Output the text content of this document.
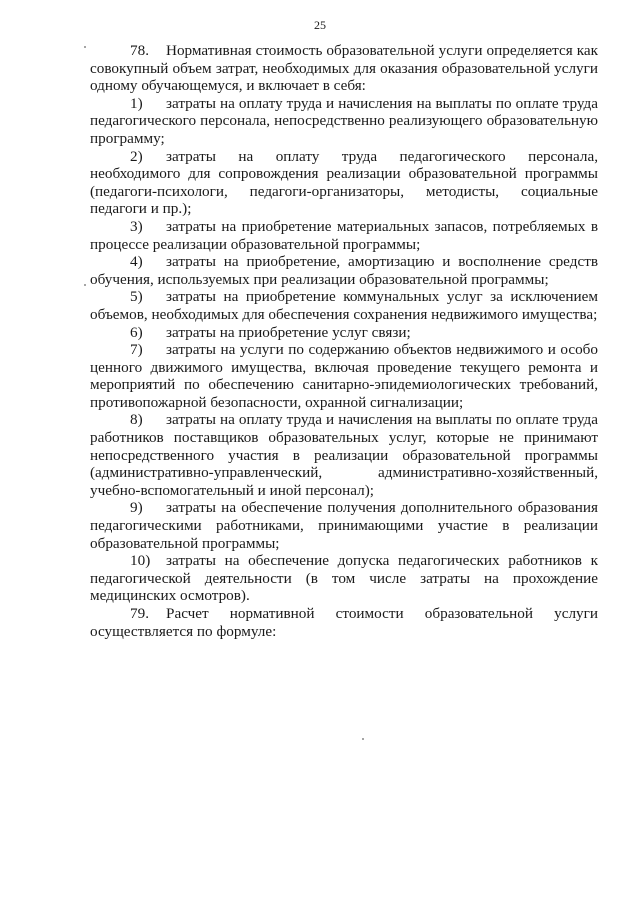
25

78. Нормативная стоимость образовательной услуги определяется как совокупный объем затрат, необходимых для оказания образовательной услуги одному обучающемуся, и включает в себя:

1) затраты на оплату труда и начисления на выплаты по оплате труда педагогического персонала, непосредственно реализующего образовательную программу;

2) затраты на оплату труда педагогического персонала, необходимого для сопровождения реализации образовательной программы (педагоги-психологи, педагоги-организаторы, методисты, социальные педагоги и пр.);

3) затраты на приобретение материальных запасов, потребляемых в процессе реализации образовательной программы;

4) затраты на приобретение, амортизацию и восполнение средств обучения, используемых при реализации образовательной программы;

5) затраты на приобретение коммунальных услуг за исключением объемов, необходимых для обеспечения сохранения недвижимого имущества;

6) затраты на приобретение услуг связи;

7) затраты на услуги по содержанию объектов недвижимого и особо ценного движимого имущества, включая проведение текущего ремонта и мероприятий по обеспечению санитарно-эпидемиологических требований, противопожарной безопасности, охранной сигнализации;

8) затраты на оплату труда и начисления на выплаты по оплате труда работников поставщиков образовательных услуг, которые не принимают непосредственного участия в реализации образовательной программы (административно-управленческий, административно-хозяйственный, учебно-вспомогательный и иной персонал);

9) затраты на обеспечение получения дополнительного образования педагогическими работниками, принимающими участие в реализации образовательной программы;

10) затраты на обеспечение допуска педагогических работников к педагогической деятельности (в том числе затраты на прохождение медицинских осмотров).

79. Расчет нормативной стоимости образовательной услуги осуществляется по формуле:
